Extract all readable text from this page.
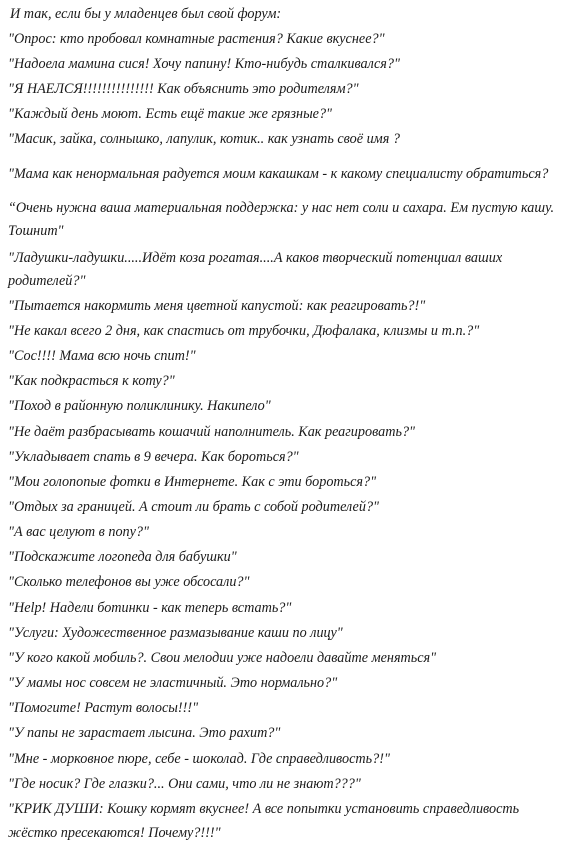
И так, если бы у младенцев был свой форум:
"Опрос: кто пробовал комнатные растения? Какие вкуснее?"
"Надоела мамина сися! Хочу папину! Кто-нибудь сталкивался?"
"Я НАЕЛСЯ!!!!!!!!!!!!!!! Как объяснить это родителям?"
"Каждый день моют. Есть ещё такие же грязные?"
"Масик, зайка, солнышко, лапулик, котик.. как узнать своё имя ?
"Мама как ненормальная радуется моим какашкам - к какому специалисту обратиться?
“Очень нужна ваша материальная поддержка: у нас нет соли и сахара. Ем пустую кашу.
Тошнит"
"Ладушки-ладушки.....Идёт коза рогатая....А каков творческий потенциал ваших
родителей?"
"Пытается накормить меня цветной капустой: как реагировать?!"
"Не какал всего 2 дня, как спастись от трубочки, Дюфалака, клизмы и т.п.?"
"Сос!!!! Мама всю ночь спит!"
"Как подкрасться к коту?"
"Поход в районную поликлинику. Накипело"
"Не даёт разбрасывать кошачий наполнитель. Как реагировать?"
"Укладывает спать в 9 вечера. Как бороться?"
"Мои голопопые фотки в Интернете. Как с эти бороться?"
"Отдых за границей. А стоит ли брать с собой родителей?"
"А вас целуют в попу?"
"Подскажите логопеда для бабушки"
"Сколько телефонов вы уже обсосали?"
"Help! Надели ботинки - как теперь встать?"
"Услуги: Художественное размазывание каши по лицу"
"У кого какой мобиль?. Свои мелодии уже надоели давайте меняться"
"У мамы нос совсем не эластичный. Это нормально?"
"Помогите! Растут волосы!!!"
"У папы не зарастает лысина. Это рахит?"
"Мне - морковное пюре, себе - шоколад. Где справедливость?!"
"Где носик? Где глазки?... Они сами, что ли не знают???"
"КРИК ДУШИ: Кошку кормят вкуснее! А все попытки установить справедливость
жёстко пресекаются! Почему?!!!"
